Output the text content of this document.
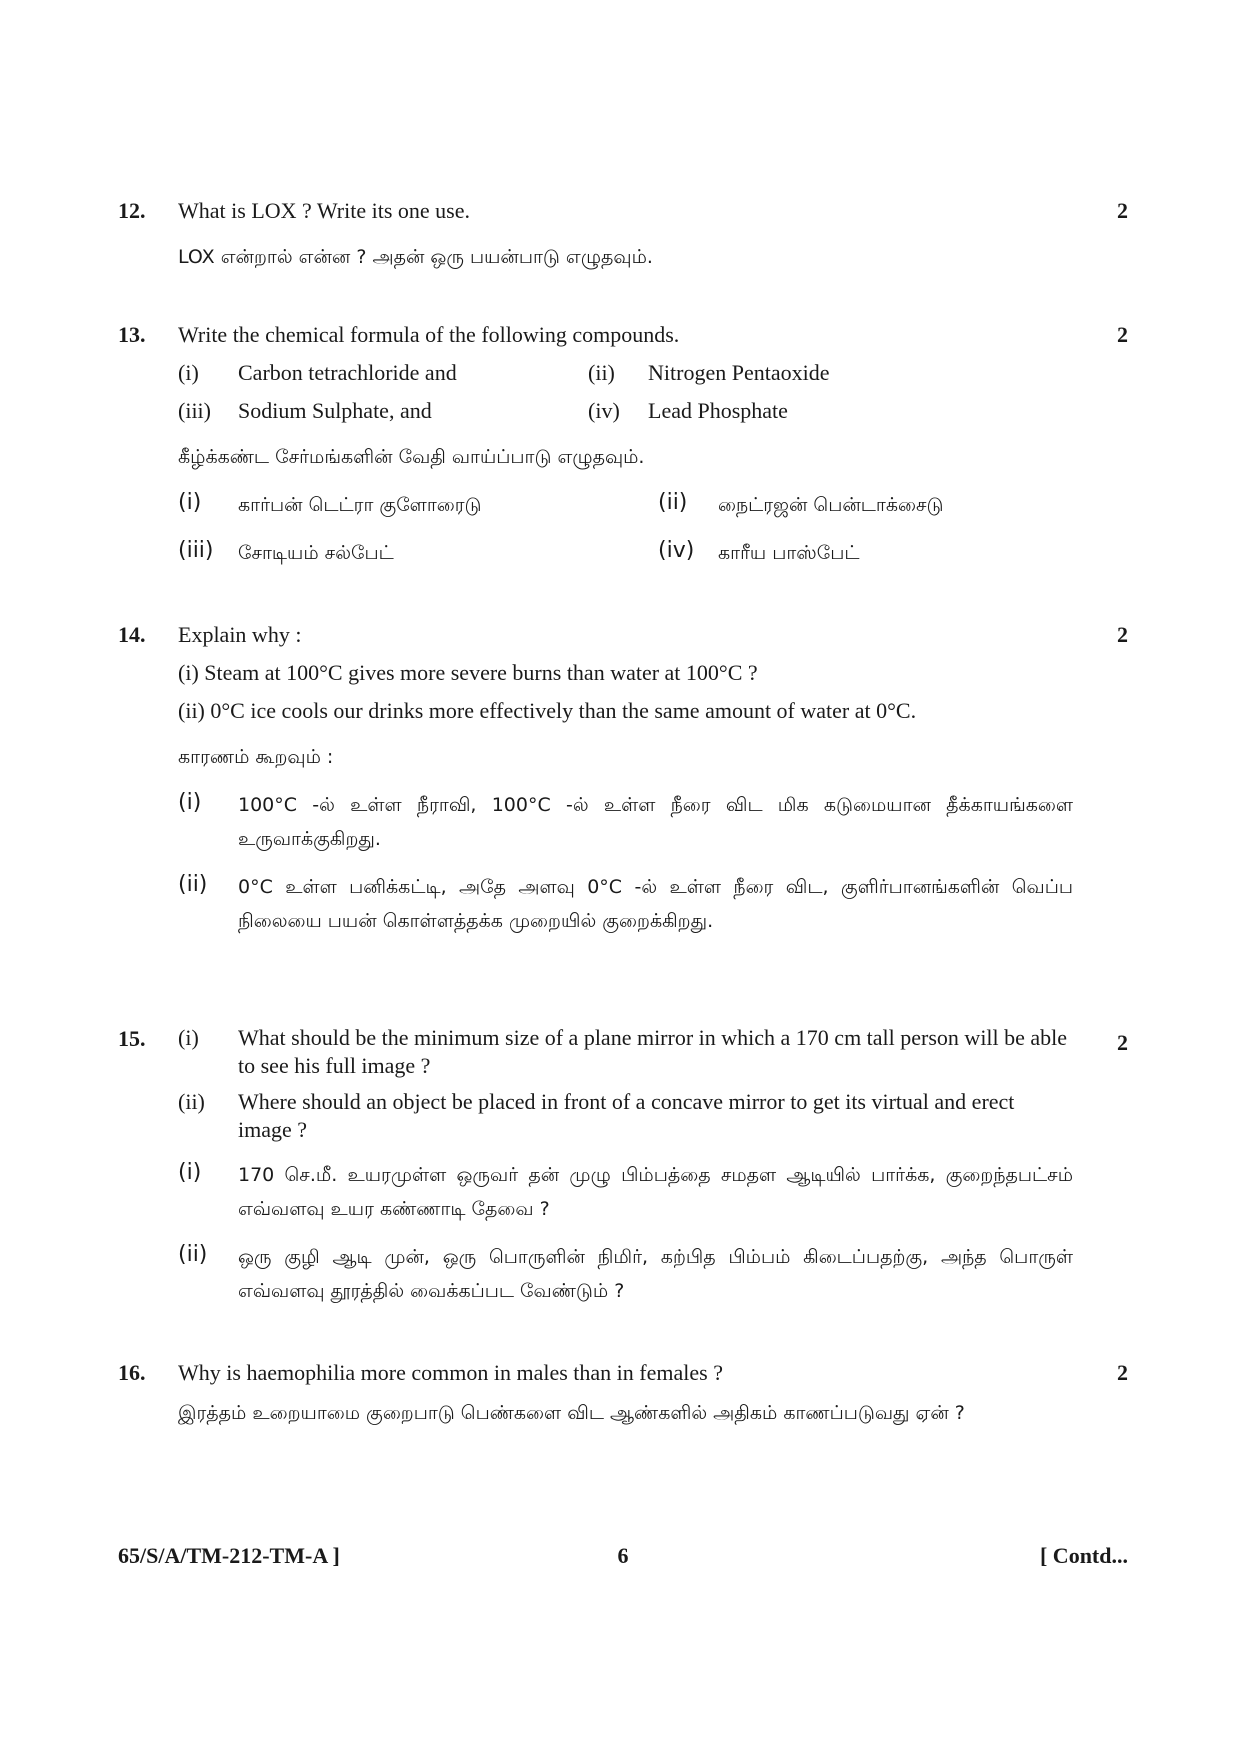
12.	2
What is LOX ? Write its one use.
LOX என்றால் என்ன ? அதன் ஒரு பயன்பாடு எழுதவும்.
13.	2
Write the chemical formula of the following compounds.
(i)	Carbon tetrachloride and	(ii)	Nitrogen Pentaoxide
(iii)	Sodium Sulphate, and	(iv)	Lead Phosphate
கீழ்க்கண்ட சேர்மங்களின் வேதி வாய்ப்பாடு எழுதவும்.
(i)	கார்பன் டெட்ரா குளோரைடு	(ii)	நைட்ரஜன் பென்டாக்சைடு
(iii)	சோடியம் சல்பேட்	(iv)	காரீய பாஸ்பேட்
14.	2
Explain why :
(i) Steam at 100°C gives more severe burns than water at 100°C ?
(ii) 0°C ice cools our drinks more effectively than the same amount of water at 0°C.
காரணம் கூறவும் :
(i)	100°C -ல் உள்ள நீராவி, 100°C -ல் உள்ள நீரை விட மிக கடுமையான தீக்காயங்களை உருவாக்குகிறது.
(ii)	0°C உள்ள பனிக்கட்டி, அதே அளவு 0°C -ல் உள்ள நீரை விட, குளிர்பானங்களின் வெப்ப நிலையை பயன் கொள்ளத்தக்க முறையில் குறைக்கிறது.
15.	2
(i)	What should be the minimum size of a plane mirror in which a 170 cm tall person will be able to see his full image ?
(ii)	Where should an object be placed in front of a concave mirror to get its virtual and erect image ?
(i)	170 செ.மீ. உயரமுள்ள ஒருவர் தன் முழு பிம்பத்தை சமதள ஆடியில் பார்க்க, குறைந்தபட்சம் எவ்வளவு உயர கண்ணாடி தேவை ?
(ii)	ஒரு குழி ஆடி முன், ஒரு பொருளின் நிமிர், கற்பித பிம்பம் கிடைப்பதற்கு, அந்த பொருள் எவ்வளவு தூரத்தில் வைக்கப்பட வேண்டும் ?
16.	2
Why is haemophilia more common in males than in females ?
இரத்தம் உறையாமை குறைபாடு பெண்களை விட ஆண்களில் அதிகம் காணப்படுவது ஏன் ?
65/S/A/TM-212-TM-A ]	6	[ Contd...
